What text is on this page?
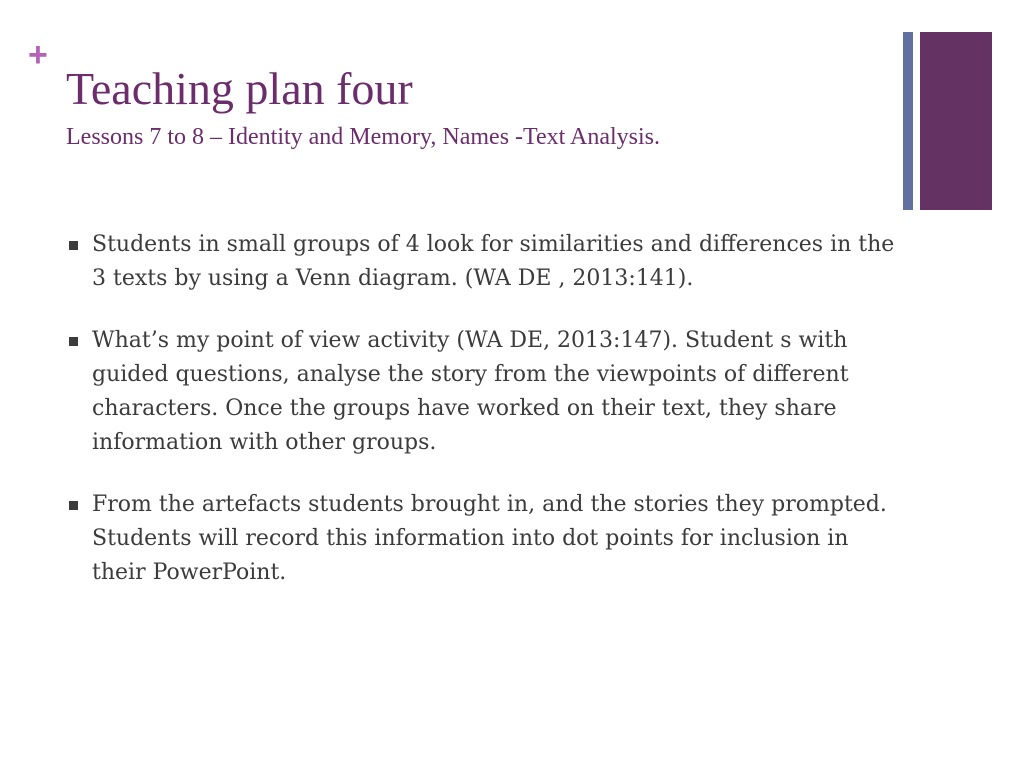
+
Teaching plan four
Lessons 7 to 8 – Identity and Memory, Names -Text Analysis.
Students in small groups of 4 look for similarities and differences in the 3 texts by using a Venn diagram. (WA DE , 2013:141).
What’s my point of view activity (WA DE, 2013:147). Student s with guided questions, analyse the story from the viewpoints of different characters. Once the groups have worked on their text, they share information with other groups.
From the artefacts students brought in, and the stories they prompted. Students will record this information into dot points for inclusion in their PowerPoint.
